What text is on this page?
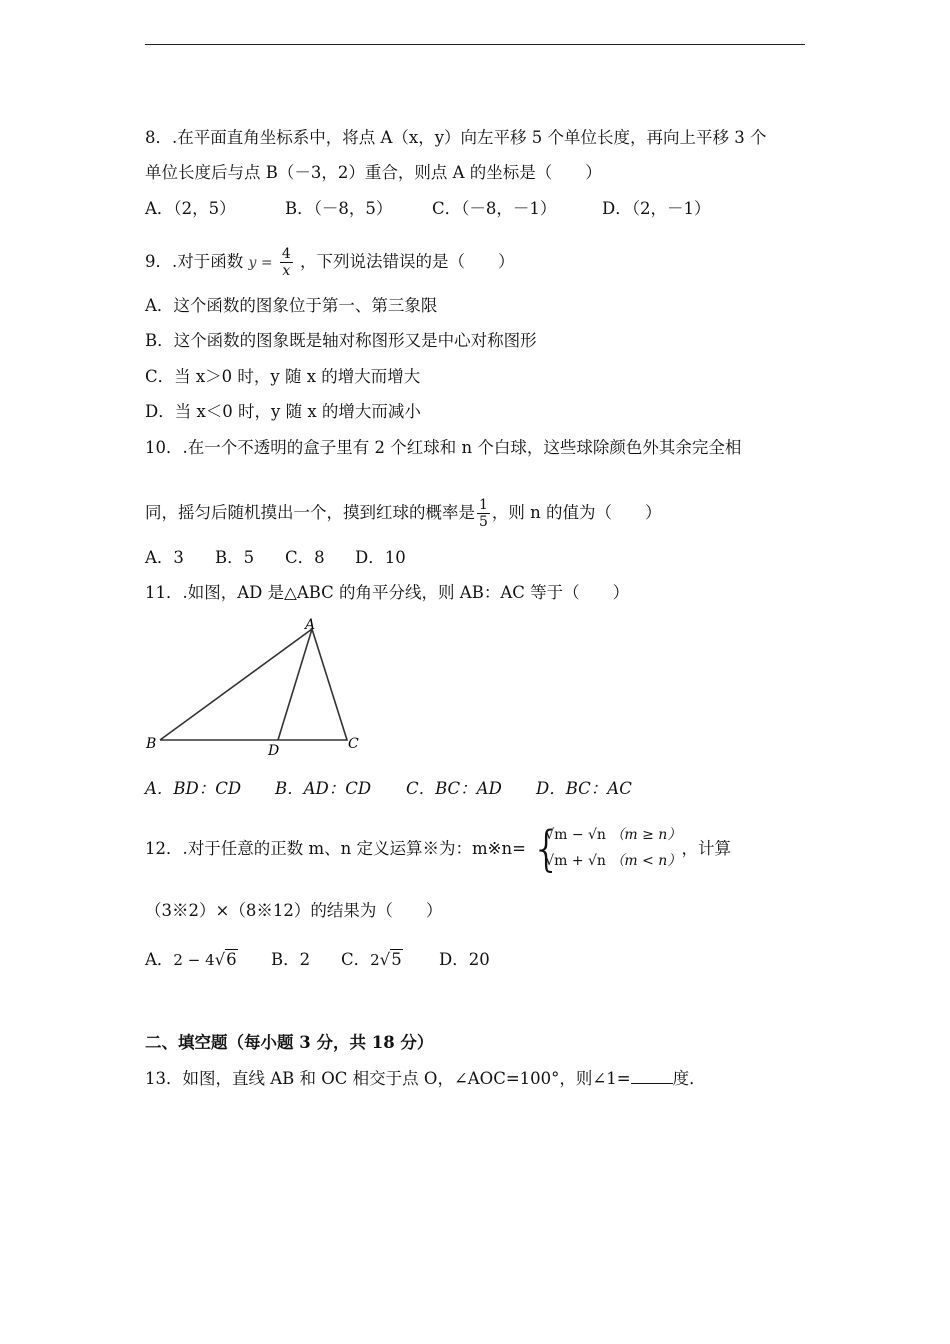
8．.在平面直角坐标系中，将点 A（x，y）向左平移 5 个单位长度，再向上平移 3 个
单位长度后与点 B（－3，2）重合，则点 A 的坐标是（　　）
A．（2，5）	B．（－8，5） C．（－8，－1）	D．（2，－1）
9．.对于函数 $y = \frac{4}{x}$ ，下列说法错误的是（　　）
A．这个函数的图象位于第一、第三象限
B．这个函数的图象既是轴对称图形又是中心对称图形
C．当 x＞0 时，y 随 x 的增大而增大
D．当 x＜0 时，y 随 x 的增大而减小
10．.在一个不透明的盒子里有 2 个红球和 n 个白球，这些球除颜色外其余完全相
同，摇匀后随机摸出一个，摸到红球的概率是 $\frac{1}{5}$ ，则 n 的值为（　　）
A．3 B．5 C．8 D．10
11．.如图，AD 是△ABC 的角平分线，则 AB：AC 等于（　　）
A
B	C
D
A．BD：CD B．AD：CD C．BC：AD D．BC：AC
12．.对于任意的正数 m、n 定义运算※为：m※n= {
√m − √n （m ≥ n）
√m + √n （m < n）
，计算
（3※2）×（8※12）的结果为（　　）
A．2 − 4√6 B．2 C．2√5 D．20
二、填空题（每小题 3 分，共 18 分）
13．如图，直线 AB 和 OC 相交于点 O，∠AOC=100°，则∠1=	度．
